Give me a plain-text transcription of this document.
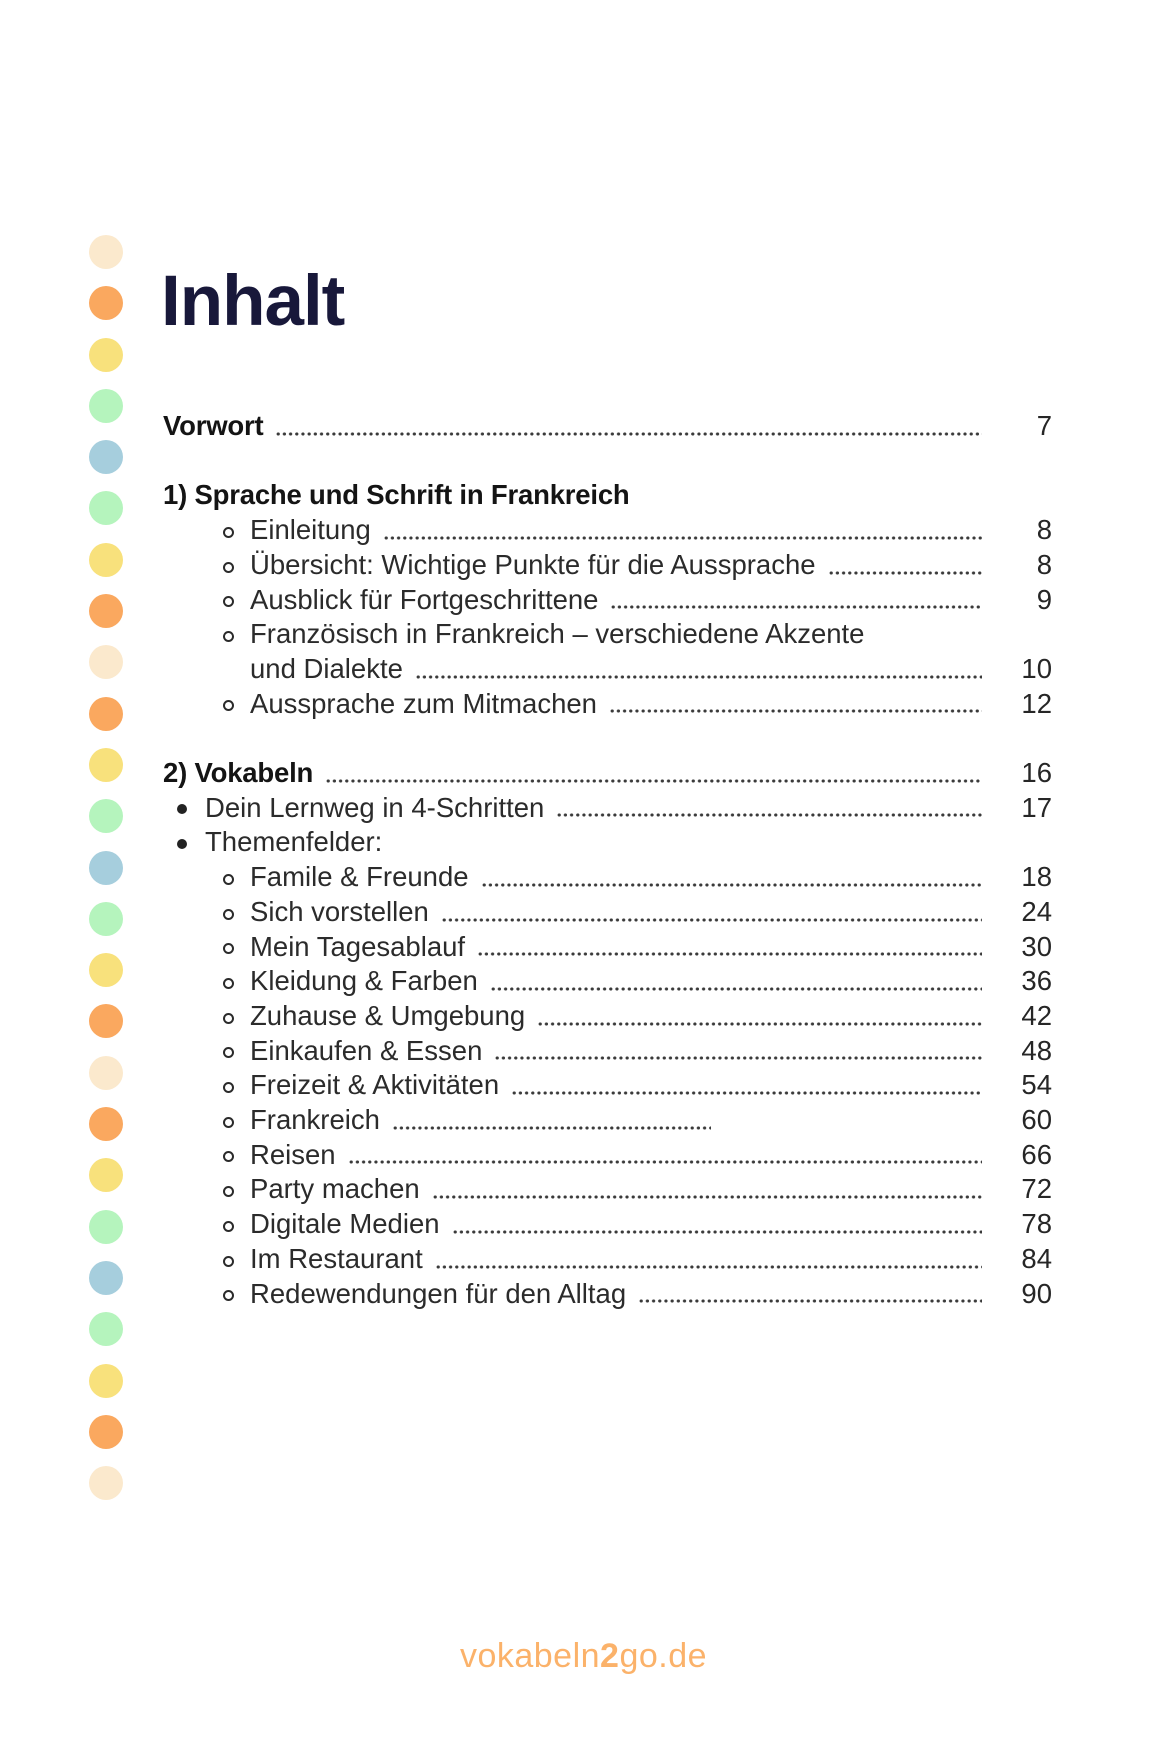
Inhalt
Vorwort	7
1) Sprache und Schrift in Frankreich
Einleitung	8
Übersicht: Wichtige Punkte für die Aussprache	8
Ausblick für Fortgeschrittene	9
Französisch in Frankreich – verschiedene Akzente
und Dialekte	10
Aussprache zum Mitmachen	12
2) Vokabeln	16
Dein Lernweg in 4-Schritten	17
Themenfelder:
Famile & Freunde	18
Sich vorstellen	24
Mein Tagesablauf	30
Kleidung & Farben	36
Zuhause & Umgebung	42
Einkaufen & Essen	48
Freizeit & Aktivitäten	54
Frankreich	60
Reisen	66
Party machen	72
Digitale Medien	78
Im Restaurant	84
Redewendungen für den Alltag	90
vokabeln2go.de
